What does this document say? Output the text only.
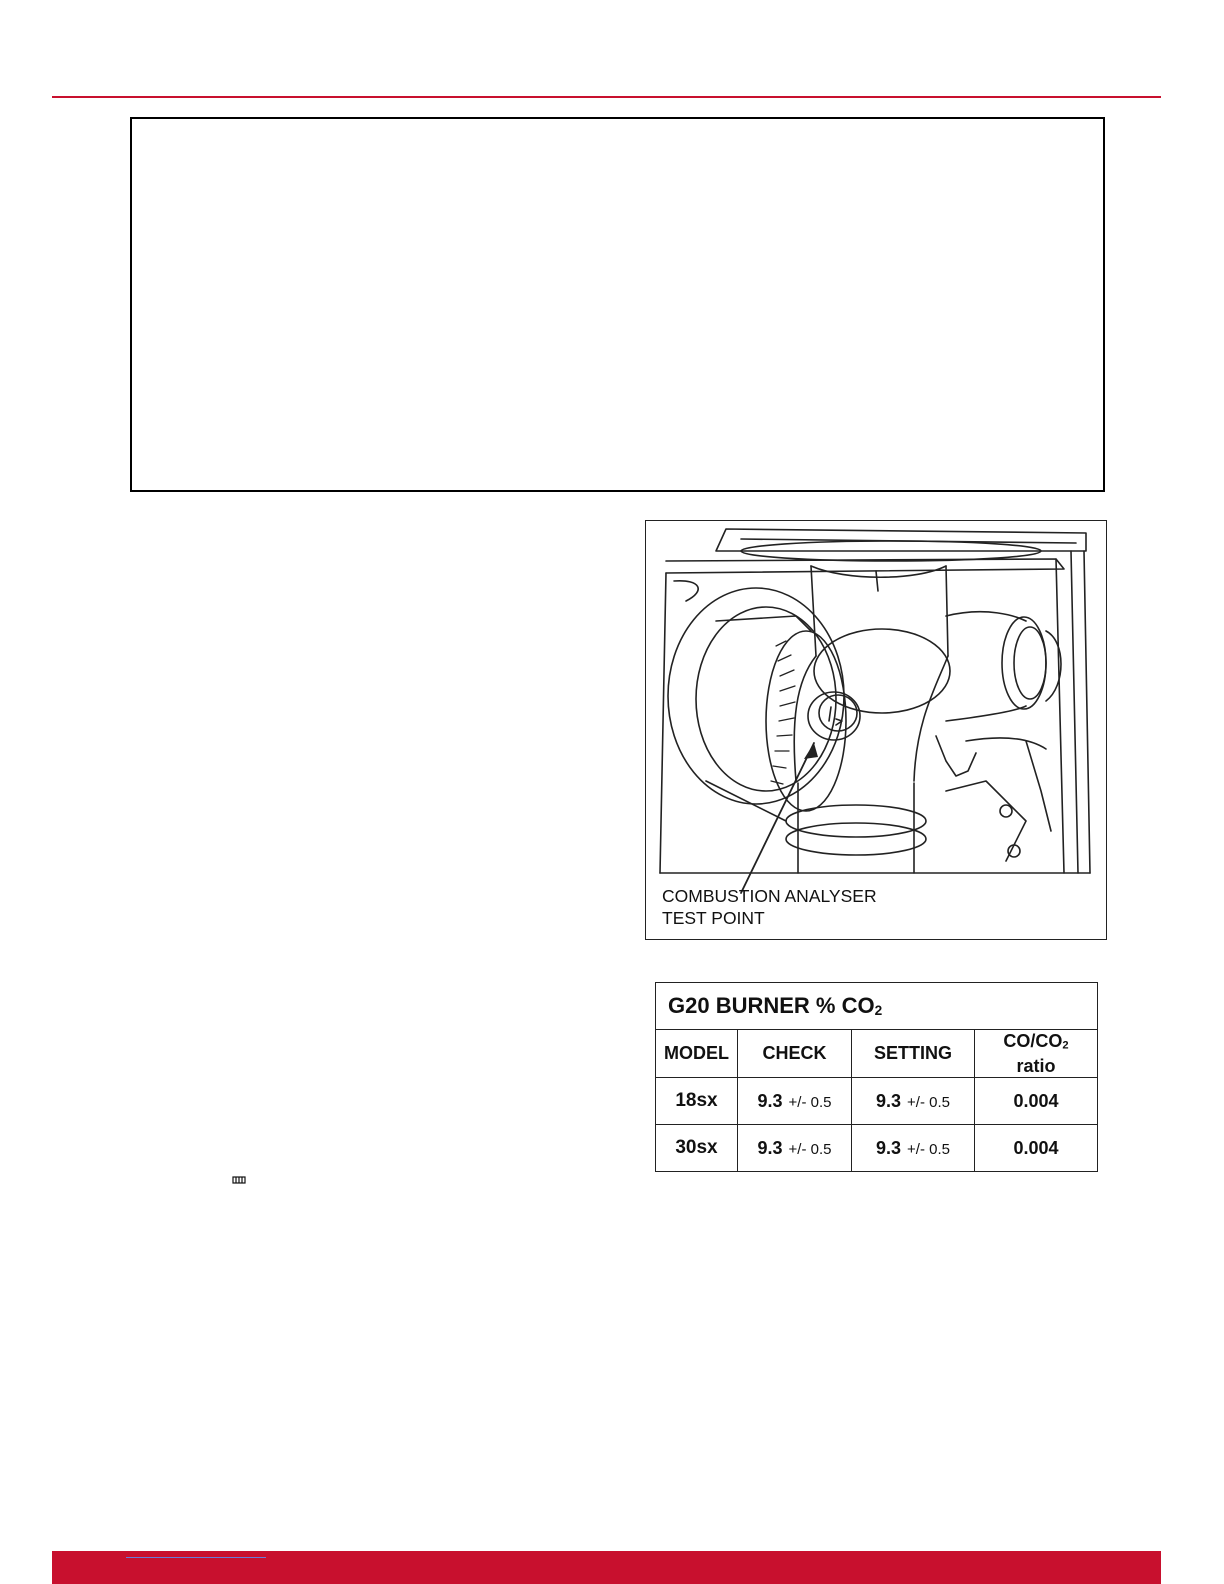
COMBUSTION ANALYSER
TEST POINT
G20 BURNER % $CO_2$
MODEL	CHECK	SETTING	$CO/CO_2$
ratio
18sx	9.3 +/- 0.5	9.3 +/- 0.5	0.004
30sx	9.3 +/- 0.5	9.3 +/- 0.5	0.004
